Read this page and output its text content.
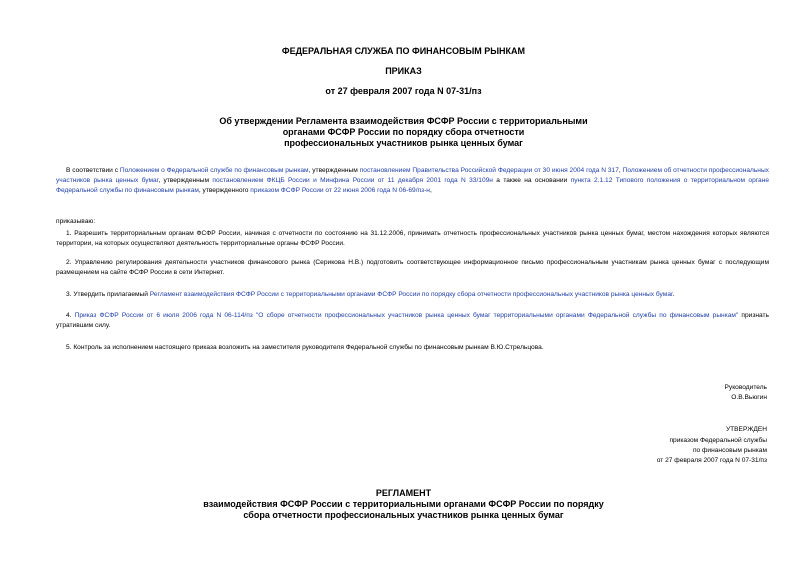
ФЕДЕРАЛЬНАЯ СЛУЖБА ПО ФИНАНСОВЫМ РЫНКАМ
ПРИКАЗ
от 27 февраля 2007 года N 07-31/пз
Об утверждении Регламента взаимодействия ФСФР России с территориальными
органами ФСФР России по порядку сбора отчетности
профессиональных участников рынка ценных бумаг
В соответствии с Положением о Федеральной службе по финансовым рынкам, утвержденным постановлением Правительства Российской Федерации от 30 июня 2004 года N 317, Положением об отчетности профессиональных участников рынка ценных бумаг, утвержденным постановлением ФКЦБ России и Минфина России от 11 декабря 2001 года N 33/109н а также на основании пункта 2.1.12 Типового положения о территориальном органе Федеральной службы по финансовым рынкам, утвержденного приказом ФСФР России от 22 июня 2006 года N 06-69/пз-н,
приказываю:
1. Разрешить территориальным органам ФСФР России, начиная с отчетности по состоянию на 31.12.2006, принимать отчетность профессиональных участников рынка ценных бумаг, местом нахождения которых являются территории, на которых осуществляют деятельность территориальные органы ФСФР России.
2. Управлению регулирования деятельности участников финансового рынка (Серикова Н.В.) подготовить соответствующее информационное письмо профессиональным участникам рынка ценных бумаг с последующим размещением на сайте ФСФР России в сети Интернет.
3. Утвердить прилагаемый Регламент взаимодействия ФСФР России с территориальными органами ФСФР России по порядку сбора отчетности профессиональных участников рынка ценных бумаг.
4. Приказ ФСФР России от 6 июля 2006 года N 06-114/пз "О сборе отчетности профессиональных участников рынка ценных бумаг территориальными органами Федеральной службы по финансовым рынкам" признать утратившим силу.
5. Контроль за исполнением настоящего приказа возложить на заместителя руководителя Федеральной службы по финансовым рынкам В.Ю.Стрельцова.
Руководитель
О.В.Вьюгин
УТВЕРЖДЕН
приказом Федеральной службы
по финансовым рынкам
от 27 февраля 2007 года N 07-31/пз
РЕГЛАМЕНТ
взаимодействия ФСФР России с территориальными органами ФСФР России по порядку
сбора отчетности профессиональных участников рынка ценных бумаг
